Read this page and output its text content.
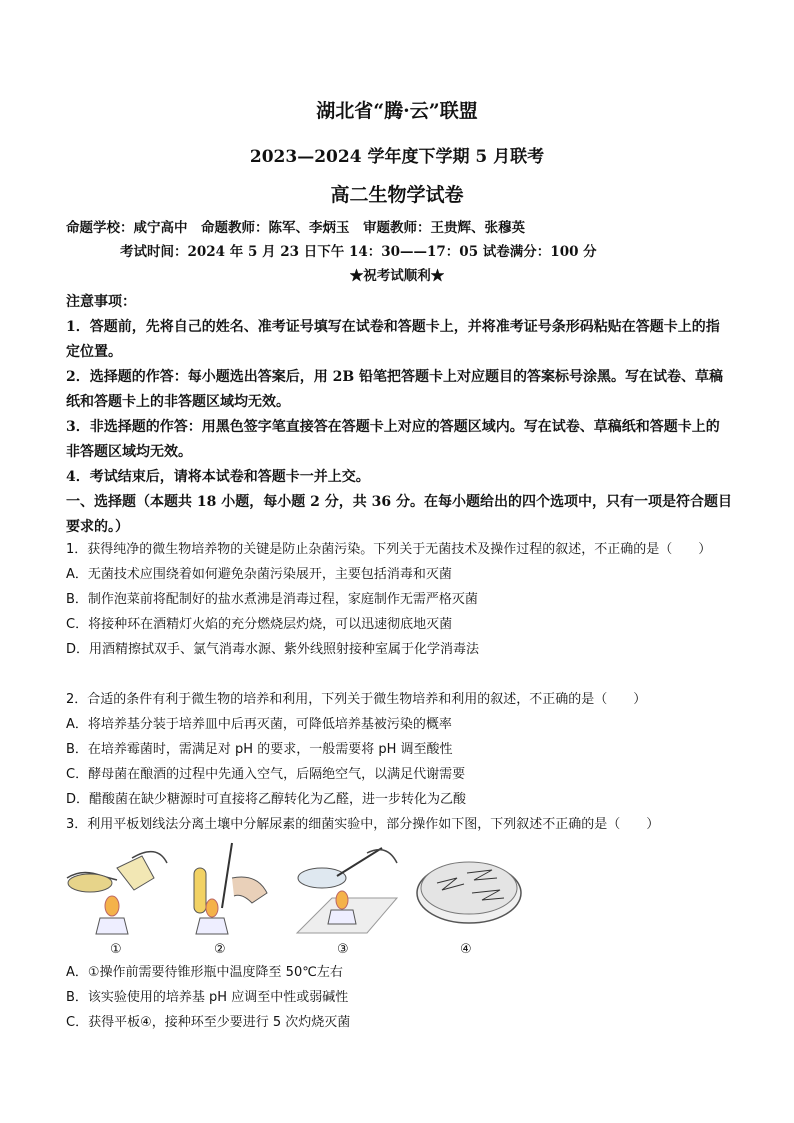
湖北省“腾·云”联盟
2023—2024 学年度下学期 5 月联考
高二生物学试卷
命题学校：咸宁高中　命题教师：陈军、李炳玉　审题教师：王贵辉、张穆英
考试时间：2024 年 5 月 23 日下午 14：30——17：05 试卷满分：100 分
★祝考试顺利★

注意事项：

1．答题前，先将自己的姓名、准考证号填写在试卷和答题卡上，并将准考证号条形码粘贴在答题卡上的指定位置。

2．选择题的作答：每小题选出答案后，用 2B 铅笔把答题卡上对应题目的答案标号涂黑。写在试卷、草稿纸和答题卡上的非答题区域均无效。

3．非选择题的作答：用黑色签字笔直接答在答题卡上对应的答题区域内。写在试卷、草稿纸和答题卡上的非答题区域均无效。

4．考试结束后，请将本试卷和答题卡一并上交。

一、选择题（本题共 18 小题，每小题 2 分，共 36 分。在每小题给出的四个选项中，只有一项是符合题目要求的。）

1．获得纯净的微生物培养物的关键是防止杂菌污染。下列关于无菌技术及操作过程的叙述，不正确的是（　　）

A．无菌技术应围绕着如何避免杂菌污染展开，主要包括消毒和灭菌

B．制作泡菜前将配制好的盐水煮沸是消毒过程，家庭制作无需严格灭菌

C．将接种环在酒精灯火焰的充分燃烧层灼烧，可以迅速彻底地灭菌

D．用酒精擦拭双手、氯气消毒水源、紫外线照射接种室属于化学消毒法

2．合适的条件有利于微生物的培养和利用，下列关于微生物培养和利用的叙述，不正确的是（　　）

A．将培养基分装于培养皿中后再灭菌，可降低培养基被污染的概率

B．在培养霉菌时，需满足对 pH 的要求，一般需要将 pH 调至酸性

C．酵母菌在酿酒的过程中先通入空气，后隔绝空气，以满足代谢需要

D．醋酸菌在缺少糖源时可直接将乙醇转化为乙醛，进一步转化为乙酸

3．利用平板划线法分离土壤中分解尿素的细菌实验中，部分操作如下图，下列叙述不正确的是（　　）

①	②	③	④

A．①操作前需要待锥形瓶中温度降至 50℃左右

B．该实验使用的培养基 pH 应调至中性或弱碱性

C．获得平板④，接种环至少要进行 5 次灼烧灭菌
